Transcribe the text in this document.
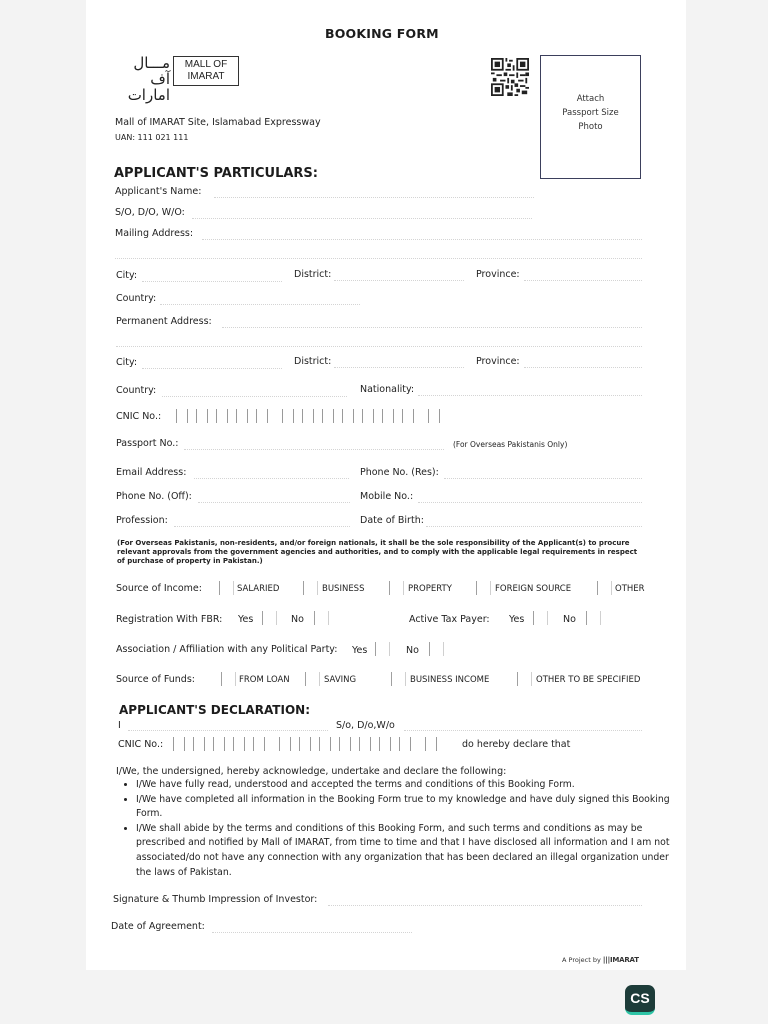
BOOKING FORM
مـــال
آف امارات
MALL OF
IMARAT
Attach
Passport Size
Photo
Mall of IMARAT Site, Islamabad Expressway
UAN: 111 021 111
APPLICANT'S PARTICULARS:
Applicant's Name:
S/O, D/O, W/O:
Mailing Address:
City:	District:	Province:
Country:
Permanent Address:
City:	District:	Province:
Country:	Nationality:
CNIC No.:
Passport No.:	(For Overseas Pakistanis Only)
Email Address:	Phone No. (Res):
Phone No. (Off):	Mobile No.:
Profession:	Date of Birth:
(For Overseas Pakistanis, non-residents, and/or foreign nationals, it shall be the sole responsibility of the Applicant(s) to procure relevant approvals from the government agencies and authorities, and to comply with the applicable legal requirements in respect of purchase of property in Pakistan.)
Source of Income:	SALARIED	BUSINESS	PROPERTY	FOREIGN SOURCE	OTHER
Registration With FBR: Yes	No	Active Tax Payer: Yes	No
Association / Affiliation with any Political Party: Yes	No
Source of Funds:	FROM LOAN	SAVING	BUSINESS INCOME	OTHER TO BE SPECIFIED
APPLICANT'S DECLARATION:
I	S/o, D/o,W/o
CNIC No.:	do hereby declare that
I/We, the undersigned, hereby acknowledge, undertake and declare the following:
• I/We have fully read, understood and accepted the terms and conditions of this Booking Form.
• I/We have completed all information in the Booking Form true to my knowledge and have duly signed this Booking Form.
• I/We shall abide by the terms and conditions of this Booking Form, and such terms and conditions as may be prescribed and notified by Mall of IMARAT, from time to time and that I have disclosed all information and I am not associated/do not have any connection with any organization that has been declared an illegal organization under the laws of Pakistan.
Signature & Thumb Impression of Investor:
Date of Agreement:
A Project by |||IMARAT
CS
